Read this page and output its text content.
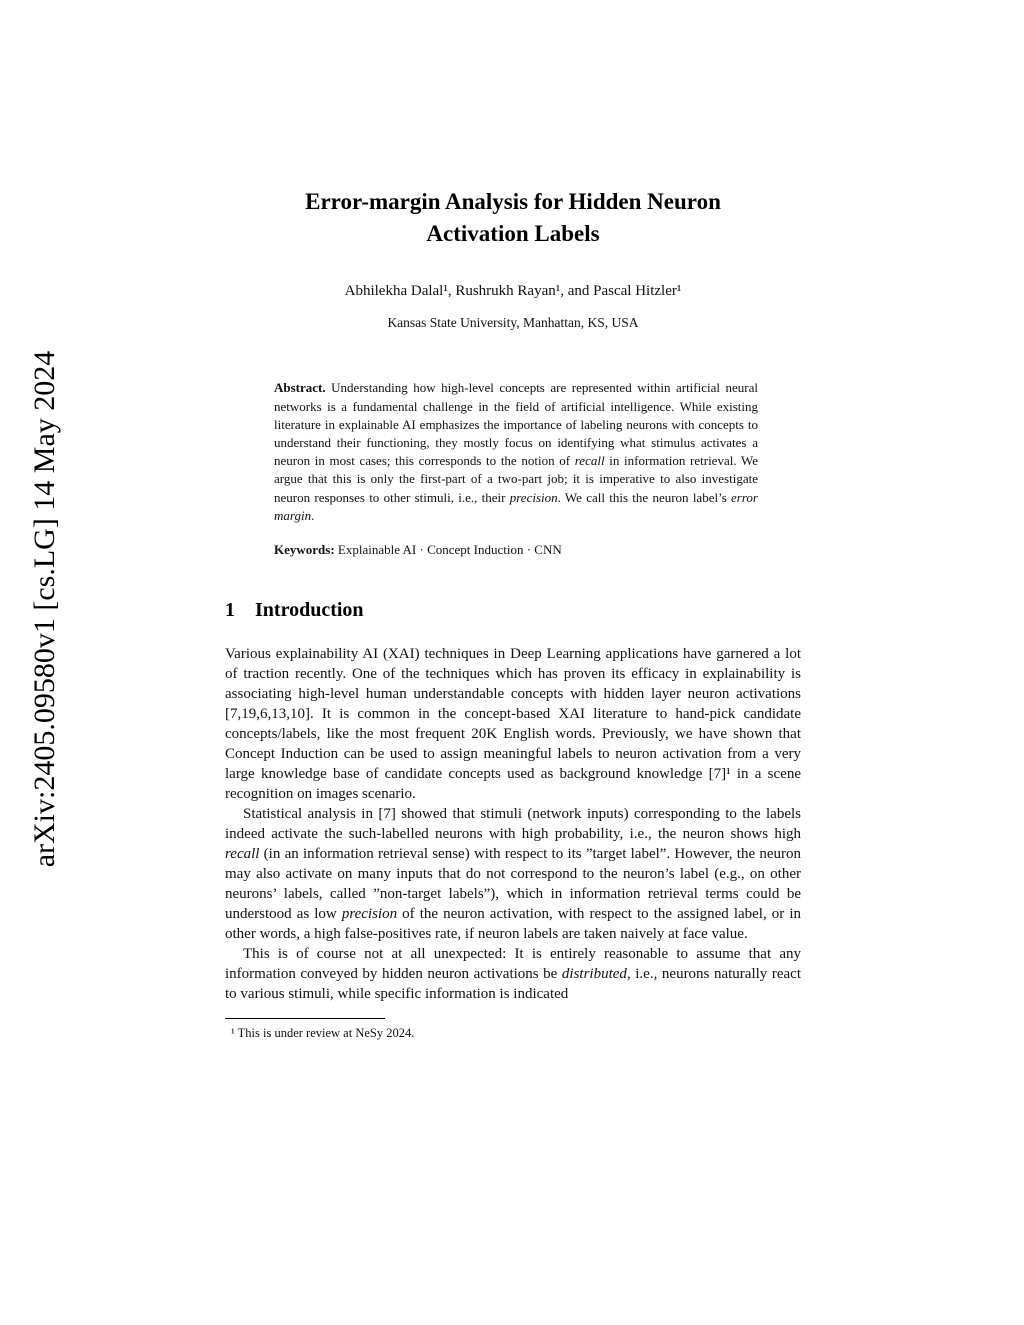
arXiv:2405.09580v1 [cs.LG] 14 May 2024
Error-margin Analysis for Hidden Neuron Activation Labels
Abhilekha Dalal¹, Rushrukh Rayan¹, and Pascal Hitzler¹
Kansas State University, Manhattan, KS, USA
Abstract. Understanding how high-level concepts are represented within artificial neural networks is a fundamental challenge in the field of artificial intelligence. While existing literature in explainable AI emphasizes the importance of labeling neurons with concepts to understand their functioning, they mostly focus on identifying what stimulus activates a neuron in most cases; this corresponds to the notion of recall in information retrieval. We argue that this is only the first-part of a two-part job; it is imperative to also investigate neuron responses to other stimuli, i.e., their precision. We call this the neuron label’s error margin.
Keywords: Explainable AI · Concept Induction · CNN
1 Introduction

Various explainability AI (XAI) techniques in Deep Learning applications have garnered a lot of traction recently. One of the techniques which has proven its efficacy in explainability is associating high-level human understandable concepts with hidden layer neuron activations [7,19,6,13,10]. It is common in the concept-based XAI literature to hand-pick candidate concepts/labels, like the most frequent 20K English words. Previously, we have shown that Concept Induction can be used to assign meaningful labels to neuron activation from a very large knowledge base of candidate concepts used as background knowledge [7]¹ in a scene recognition on images scenario.

Statistical analysis in [7] showed that stimuli (network inputs) corresponding to the labels indeed activate the such-labelled neurons with high probability, i.e., the neuron shows high recall (in an information retrieval sense) with respect to its ”target label”. However, the neuron may also activate on many inputs that do not correspond to the neuron’s label (e.g., on other neurons’ labels, called ”non-target labels”), which in information retrieval terms could be understood as low precision of the neuron activation, with respect to the assigned label, or in other words, a high false-positives rate, if neuron labels are taken naively at face value.

This is of course not at all unexpected: It is entirely reasonable to assume that any information conveyed by hidden neuron activations be distributed, i.e., neurons naturally react to various stimuli, while specific information is indicated

¹ This is under review at NeSy 2024.
